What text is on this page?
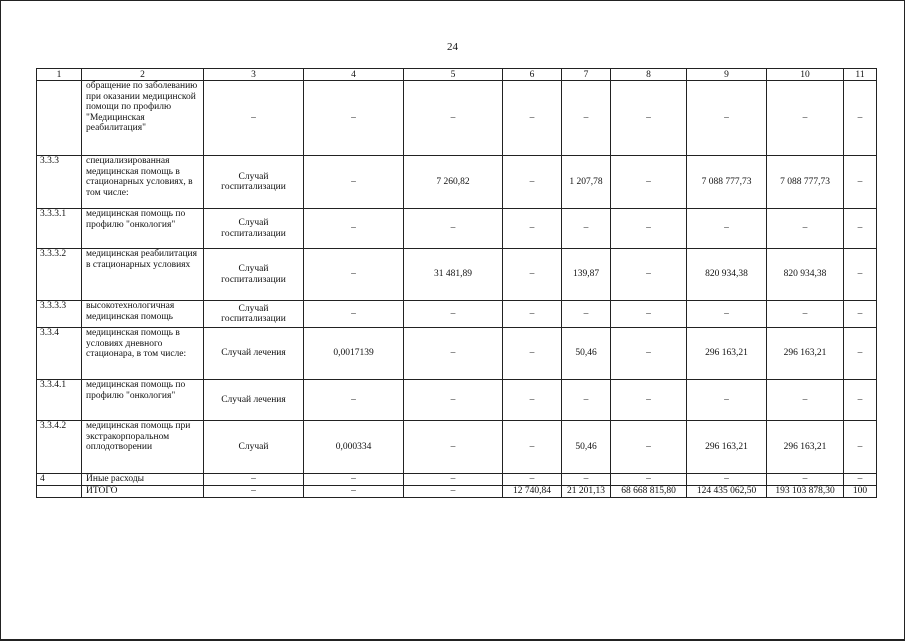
24
1	2	3	4	5	6	7	8	9	10	11
	обращение по заболеванию при оказании медицинской помощи по профилю "Медицинская реабилитация"	–	–	–	–	–	–	–	–	–
3.3.3	специализированная медицинская помощь в стационарных условиях, в том числе:	Случай госпитализации	–	7 260,82	–	1 207,78	–	7 088 777,73	7 088 777,73	–
3.3.3.1	медицинская помощь по профилю "онкология"	Случай госпитализации	–	–	–	–	–	–	–	–
3.3.3.2	медицинская реабилитация в стационарных условиях	Случай госпитализации	–	31 481,89	–	139,87	–	820 934,38	820 934,38	–
3.3.3.3	высокотехнологичная медицинская помощь	Случай госпитализации	–	–	–	–	–	–	–	–
3.3.4	медицинская помощь в условиях дневного стационара, в том числе:	Случай лечения	0,0017139	–	–	50,46	–	296 163,21	296 163,21	–
3.3.4.1	медицинская помощь по профилю "онкология"	Случай лечения	–	–	–	–	–	–	–	–
3.3.4.2	медицинская помощь при экстракорпоральном оплодотворении	Случай	0,000334	–	–	50,46	–	296 163,21	296 163,21	–
4	Иные расходы	–	–	–	–	–	–	–	–	–
	ИТОГО	–	–	–	12 740,84	21 201,13	68 668 815,80	124 435 062,50	193 103 878,30	100
